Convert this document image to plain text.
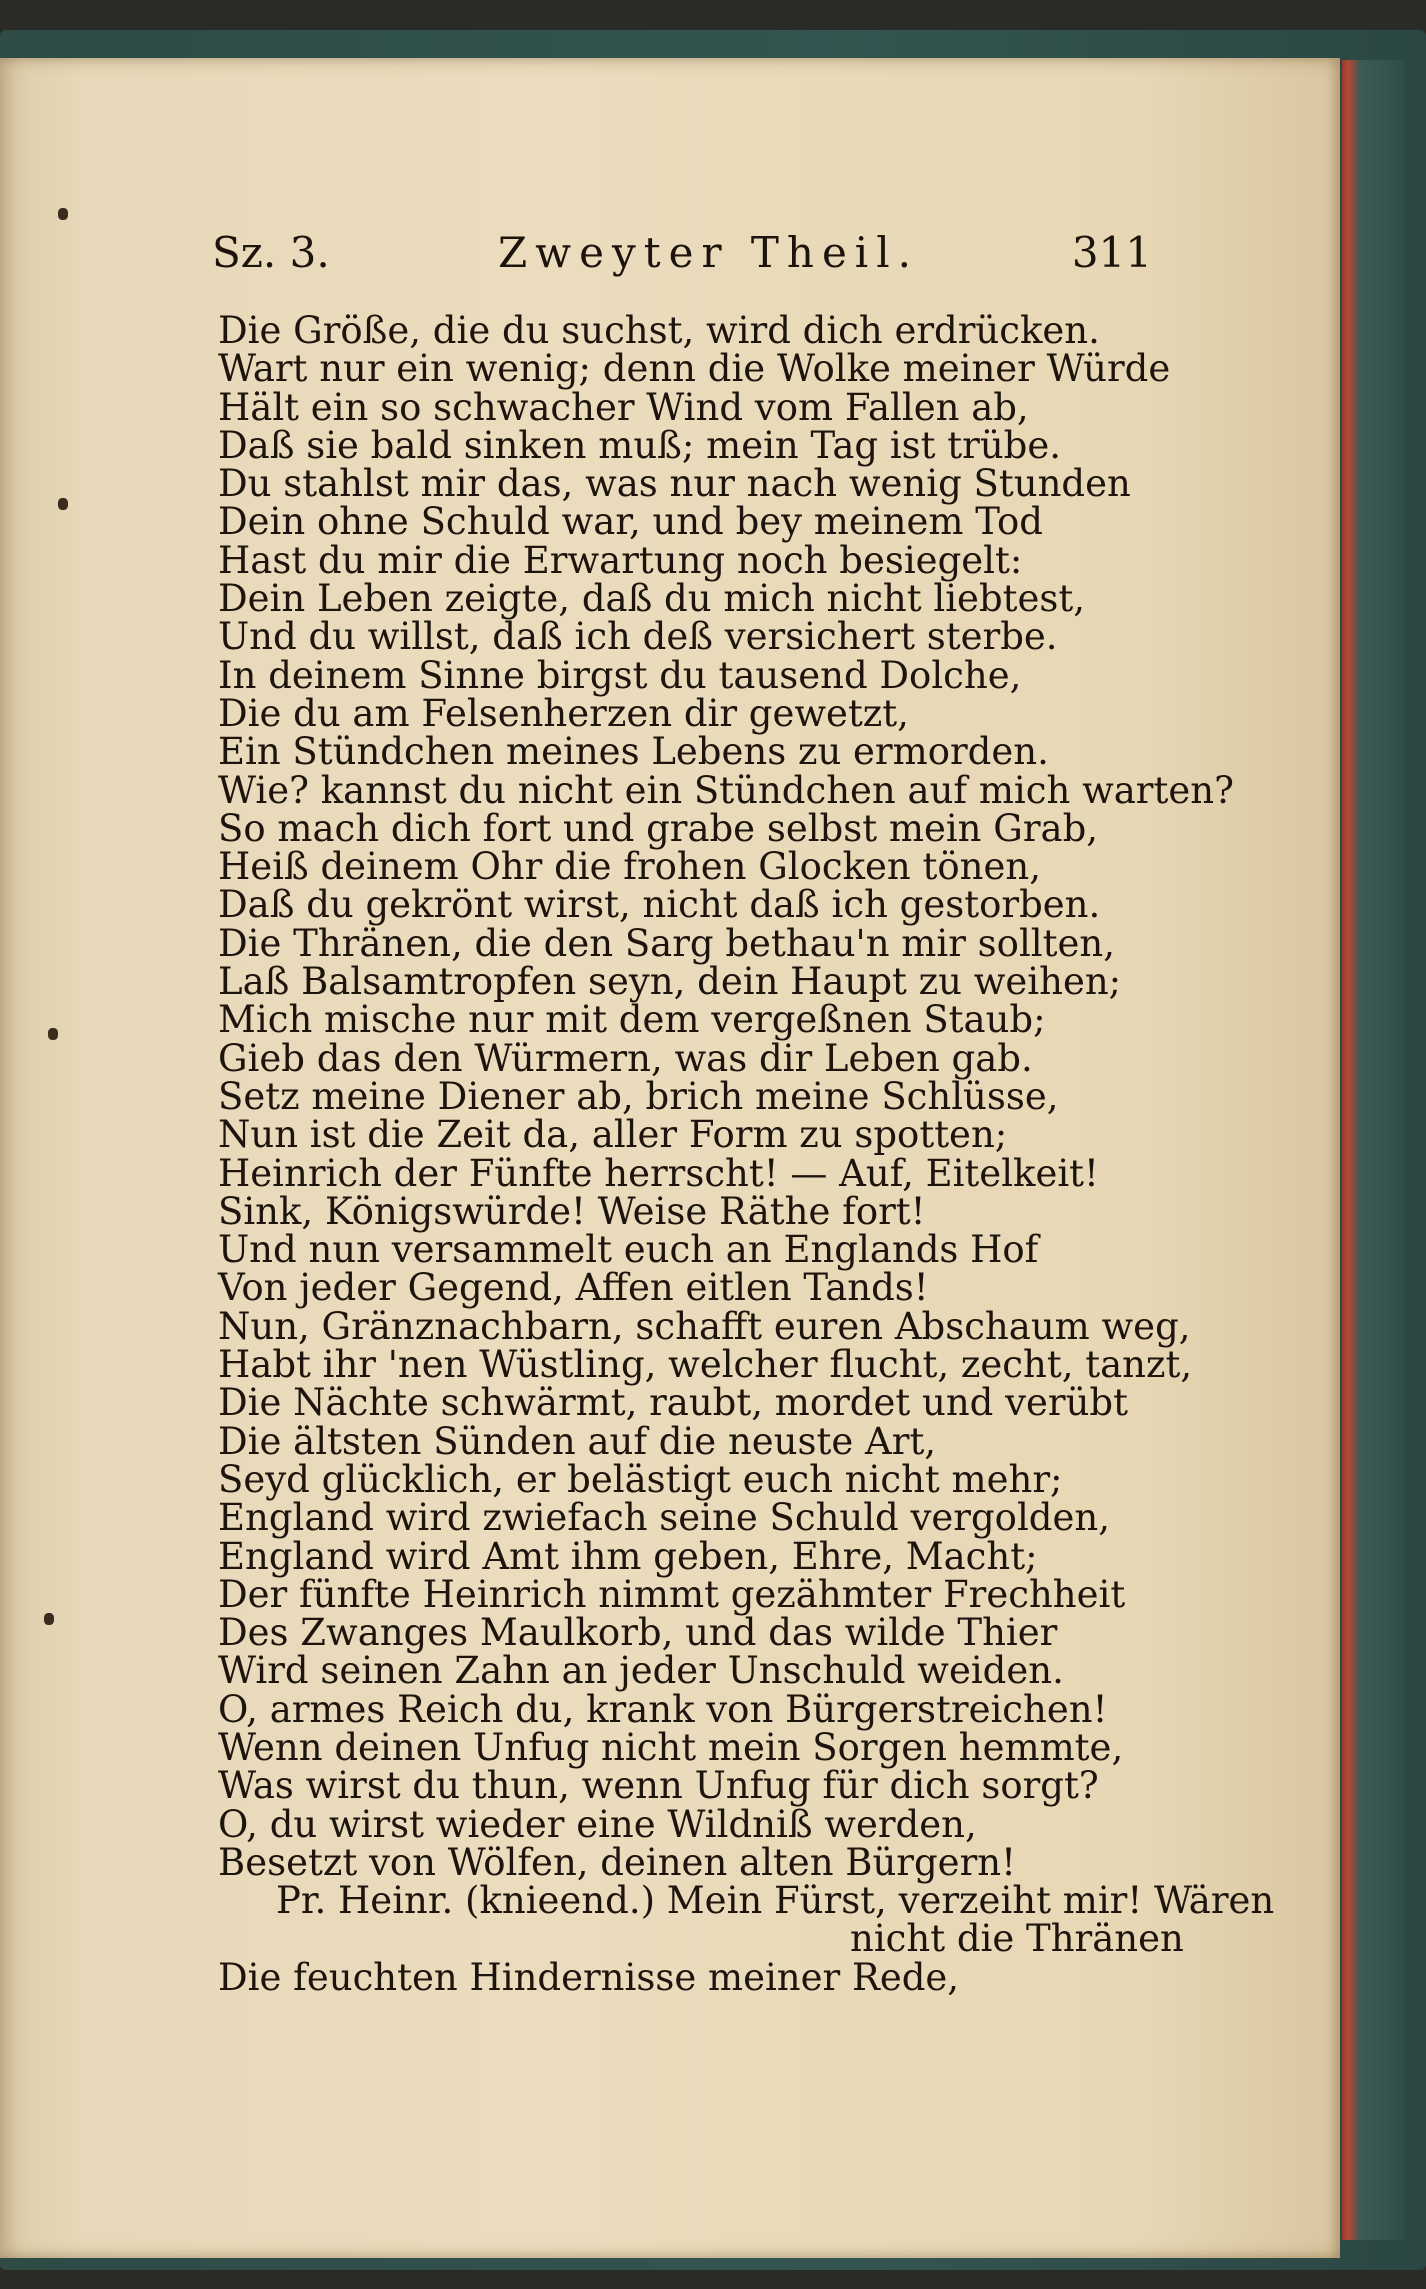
Sz. 3.	Zweyter Theil.	311
Die Größe, die du suchst, wird dich erdrücken.
Wart nur ein wenig; denn die Wolke meiner Würde
Hält ein so schwacher Wind vom Fallen ab,
Daß sie bald sinken muß; mein Tag ist trübe.
Du stahlst mir das, was nur nach wenig Stunden
Dein ohne Schuld war, und bey meinem Tod
Hast du mir die Erwartung noch besiegelt:
Dein Leben zeigte, daß du mich nicht liebtest,
Und du willst, daß ich deß versichert sterbe.
In deinem Sinne birgst du tausend Dolche,
Die du am Felsenherzen dir gewetzt,
Ein Stündchen meines Lebens zu ermorden.
Wie? kannst du nicht ein Stündchen auf mich warten?
So mach dich fort und grabe selbst mein Grab,
Heiß deinem Ohr die frohen Glocken tönen,
Daß du gekrönt wirst, nicht daß ich gestorben.
Die Thränen, die den Sarg bethau'n mir sollten,
Laß Balsamtropfen seyn, dein Haupt zu weihen;
Mich mische nur mit dem vergeßnen Staub;
Gieb das den Würmern, was dir Leben gab.
Setz meine Diener ab, brich meine Schlüsse,
Nun ist die Zeit da, aller Form zu spotten;
Heinrich der Fünfte herrscht! — Auf, Eitelkeit!
Sink, Königswürde! Weise Räthe fort!
Und nun versammelt euch an Englands Hof
Von jeder Gegend, Affen eitlen Tands!
Nun, Gränznachbarn, schafft euren Abschaum weg,
Habt ihr 'nen Wüstling, welcher flucht, zecht, tanzt,
Die Nächte schwärmt, raubt, mordet und verübt
Die ältsten Sünden auf die neuste Art,
Seyd glücklich, er belästigt euch nicht mehr;
England wird zwiefach seine Schuld vergolden,
England wird Amt ihm geben, Ehre, Macht;
Der fünfte Heinrich nimmt gezähmter Frechheit
Des Zwanges Maulkorb, und das wilde Thier
Wird seinen Zahn an jeder Unschuld weiden.
O, armes Reich du, krank von Bürgerstreichen!
Wenn deinen Unfug nicht mein Sorgen hemmte,
Was wirst du thun, wenn Unfug für dich sorgt?
O, du wirst wieder eine Wildniß werden,
Besetzt von Wölfen, deinen alten Bürgern!
Pr. Heinr. (knieend.) Mein Fürst, verzeiht mir! Wären
nicht die Thränen
Die feuchten Hindernisse meiner Rede,
